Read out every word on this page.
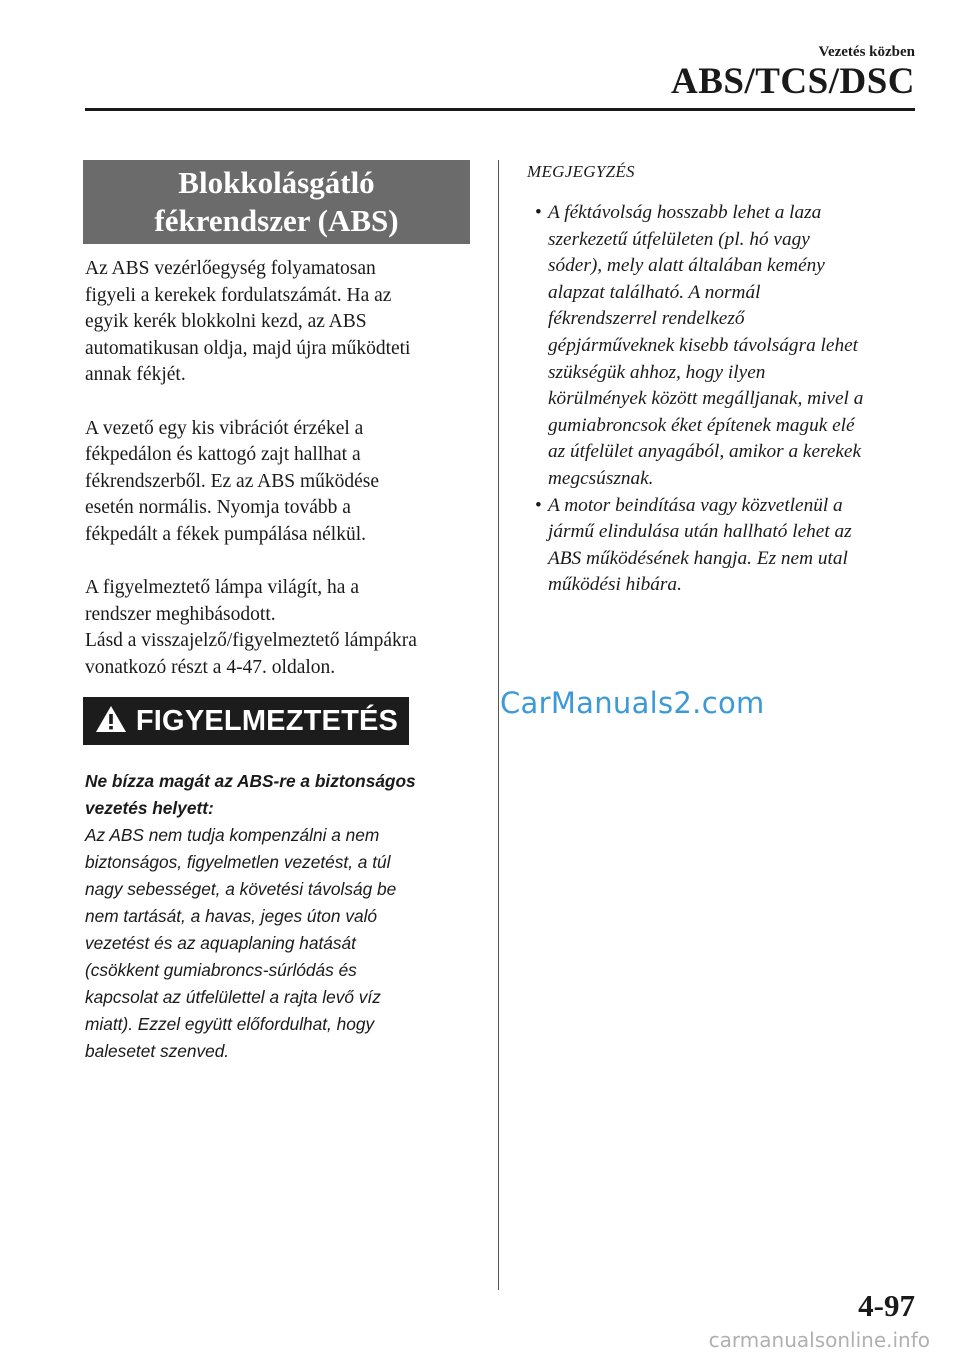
Vezetés közben
ABS/TCS/DSC
Blokkolásgátló
fékrendszer (ABS)

Az ABS vezérlőegység folyamatosan
figyeli a kerekek fordulatszámát. Ha az
egyik kerék blokkolni kezd, az ABS
automatikusan oldja, majd újra működteti
annak fékjét.

A vezető egy kis vibrációt érzékel a
fékpedálon és kattogó zajt hallhat a
fékrendszerből. Ez az ABS működése
esetén normális. Nyomja tovább a
fékpedált a fékek pumpálása nélkül.

A figyelmeztető lámpa világít, ha a
rendszer meghibásodott.

Lásd a visszajelző/figyelmeztető lámpákra
vonatkozó részt a 4-47. oldalon.

FIGYELMEZTETÉS
Ne bízza magát az ABS-re a biztonságos
vezetés helyett:
Az ABS nem tudja kompenzálni a nem
biztonságos, figyelmetlen vezetést, a túl
nagy sebességet, a követési távolság be
nem tartását, a havas, jeges úton való
vezetést és az aquaplaning hatását
(csökkent gumiabroncs-súrlódás és
kapcsolat az útfelülettel a rajta levő víz
miatt). Ezzel együtt előfordulhat, hogy
balesetet szenved.
MEGJEGYZÉS
• A féktávolság hosszabb lehet a laza
szerkezetű útfelületen (pl. hó vagy
sóder), mely alatt általában kemény
alapzat található. A normál
fékrendszerrel rendelkező
gépjárműveknek kisebb távolságra lehet
szükségük ahhoz, hogy ilyen
körülmények között megálljanak, mivel a
gumiabroncsok éket építenek maguk elé
az útfelület anyagából, amikor a kerekek
megcsúsznak.
• A motor beindítása vagy közvetlenül a
jármű elindulása után hallható lehet az
ABS működésének hangja. Ez nem utal
működési hibára.
CarManuals2.com
4-97
carmanualsonline.info
